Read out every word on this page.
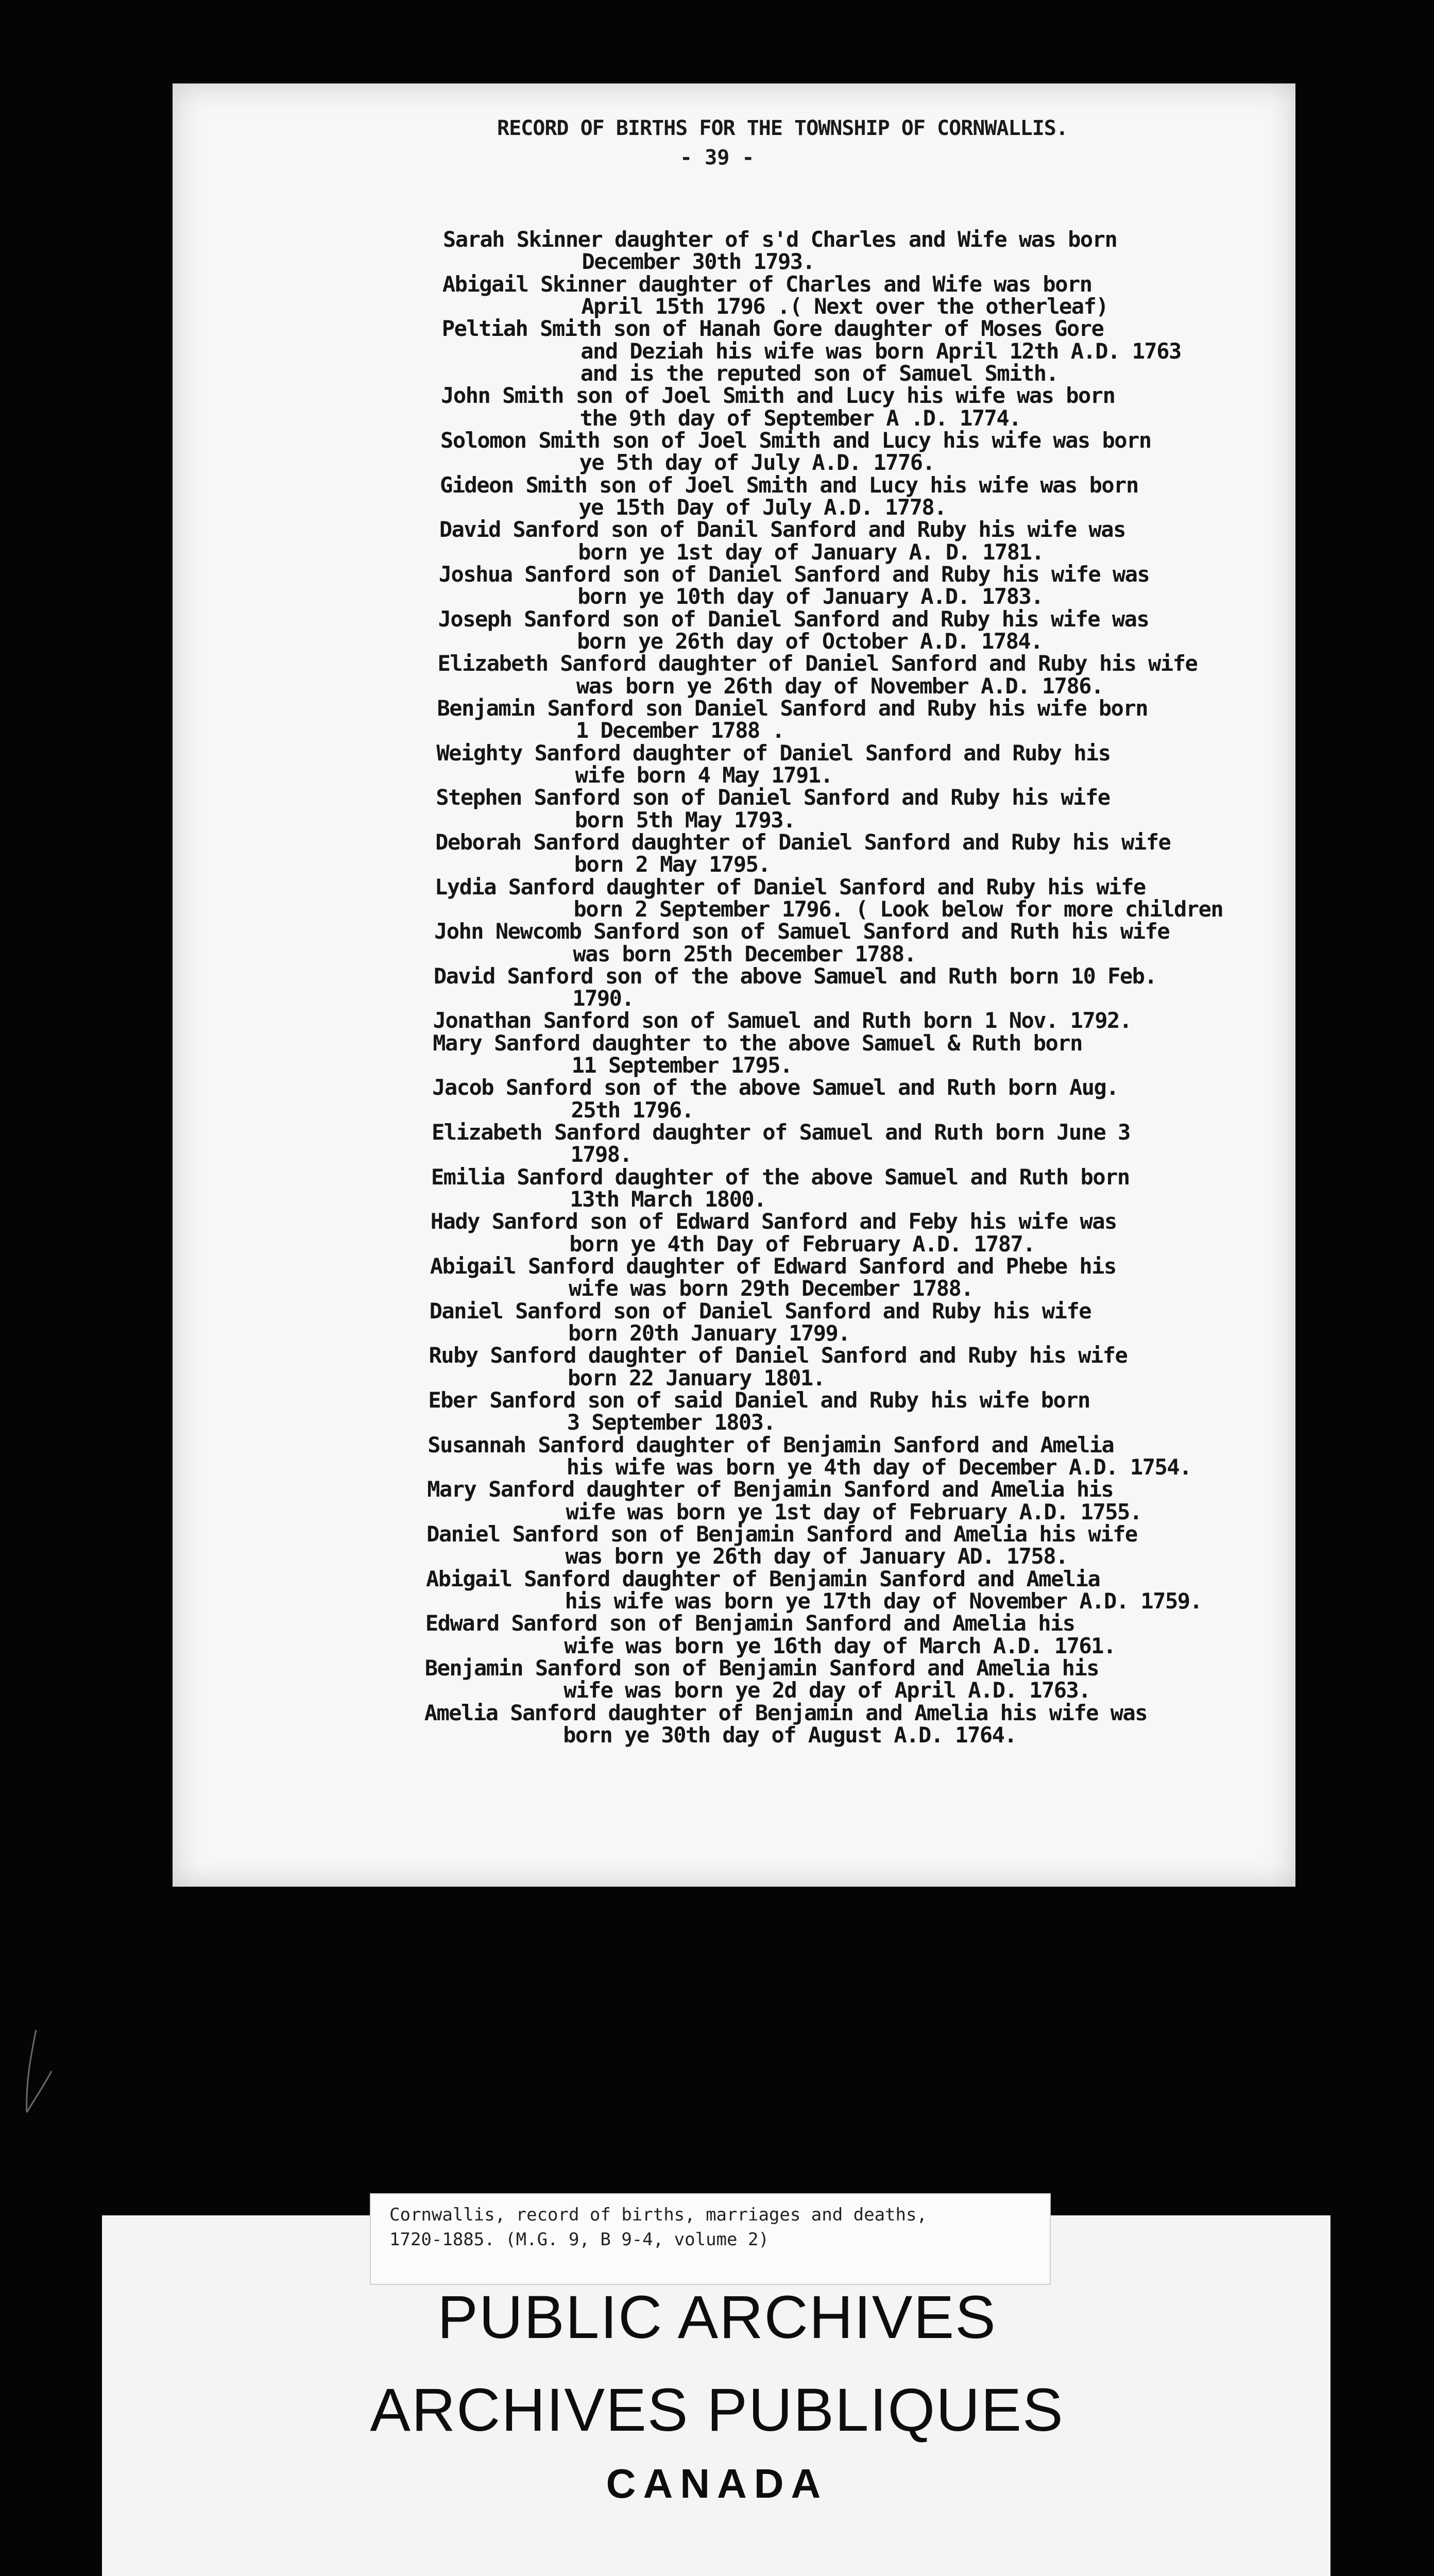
RECORD OF BIRTHS FOR THE TOWNSHIP OF CORNWALLIS.
- 39 -
Sarah Skinner daughter of s'd Charles and Wife was born
December 30th 1793.
Abigail Skinner daughter of Charles and Wife was born
April 15th 1796 .( Next over the otherleaf)
Peltiah Smith son of Hanah Gore daughter of Moses Gore
and Deziah his wife was born April 12th A.D. 1763
and is the reputed son of Samuel Smith.
John Smith son of Joel Smith and Lucy his wife was born
the 9th day of September A .D. 1774.
Solomon Smith son of Joel Smith and Lucy his wife was born
ye 5th day of July A.D. 1776.
Gideon Smith son of Joel Smith and Lucy his wife was born
ye 15th Day of July A.D. 1778.
David Sanford son of Danil Sanford and Ruby his wife was
born ye 1st day of January A. D. 1781.
Joshua Sanford son of Daniel Sanford and Ruby his wife was
born ye 10th day of January A.D. 1783.
Joseph Sanford son of Daniel Sanford and Ruby his wife was
born ye 26th day of October A.D. 1784.
Elizabeth Sanford daughter of Daniel Sanford and Ruby his wife
was born ye 26th day of November A.D. 1786.
Benjamin Sanford son Daniel Sanford and Ruby his wife born
1 December 1788 .
Weighty Sanford daughter of Daniel Sanford and Ruby his
wife born 4 May 1791.
Stephen Sanford son of Daniel Sanford and Ruby his wife
born 5th May 1793.
Deborah Sanford daughter of Daniel Sanford and Ruby his wife
born 2 May 1795.
Lydia Sanford daughter of Daniel Sanford and Ruby his wife
born 2 September 1796. ( Look below for more children
John Newcomb Sanford son of Samuel Sanford and Ruth his wife
was born 25th December 1788.
David Sanford son of the above Samuel and Ruth born 10 Feb.
1790.
Jonathan Sanford son of Samuel and Ruth born 1 Nov. 1792.
Mary Sanford daughter to the above Samuel & Ruth born
11 September 1795.
Jacob Sanford son of the above Samuel and Ruth born Aug.
25th 1796.
Elizabeth Sanford daughter of Samuel and Ruth born June 3
1798.
Emilia Sanford daughter of the above Samuel and Ruth born
13th March 1800.
Hady Sanford son of Edward Sanford and Feby his wife was
born ye 4th Day of February A.D. 1787.
Abigail Sanford daughter of Edward Sanford and Phebe his
wife was born 29th December 1788.
Daniel Sanford son of Daniel Sanford and Ruby his wife
born 20th January 1799.
Ruby Sanford daughter of Daniel Sanford and Ruby his wife
born 22 January 1801.
Eber Sanford son of said Daniel and Ruby his wife born
3 September 1803.
Susannah Sanford daughter of Benjamin Sanford and Amelia
his wife was born ye 4th day of December A.D. 1754.
Mary Sanford daughter of Benjamin Sanford and Amelia his
wife was born ye 1st day of February A.D. 1755.
Daniel Sanford son of Benjamin Sanford and Amelia his wife
was born ye 26th day of January AD. 1758.
Abigail Sanford daughter of Benjamin Sanford and Amelia
his wife was born ye 17th day of November A.D. 1759.
Edward Sanford son of Benjamin Sanford and Amelia his
wife was born ye 16th day of March A.D. 1761.
Benjamin Sanford son of Benjamin Sanford and Amelia his
wife was born ye 2d day of April A.D. 1763.
Amelia Sanford daughter of Benjamin and Amelia his wife was
born ye 30th day of August A.D. 1764.
Cornwallis, record of births, marriages and deaths,
1720-1885. (M.G. 9, B 9-4, volume 2)
PUBLIC ARCHIVES
ARCHIVES PUBLIQUES
CANADA
